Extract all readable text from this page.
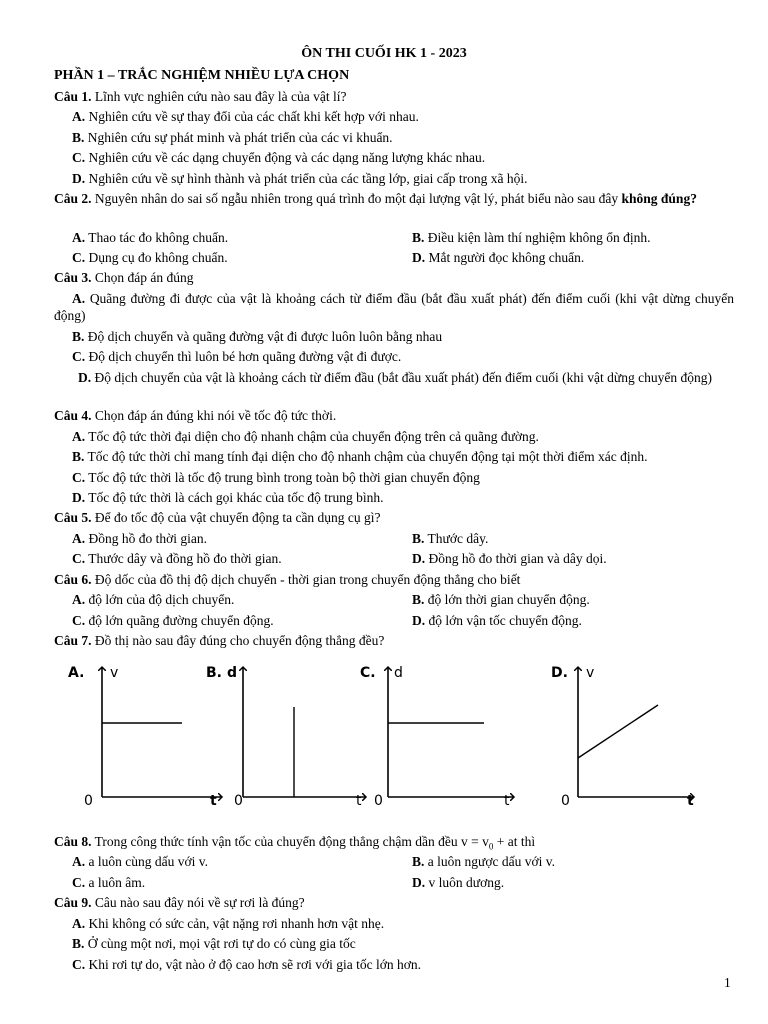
ÔN THI CUỐI HK 1 - 2023
PHẦN 1 – TRẮC NGHIỆM NHIỀU LỰA CHỌN
Câu 1. Lĩnh vực nghiên cứu nào sau đây là của vật lí?
A. Nghiên cứu về sự thay đổi của các chất khi kết hợp với nhau.
B. Nghiên cứu sự phát minh và phát triển của các vi khuẩn.
C. Nghiên cứu về các dạng chuyển động và các dạng năng lượng khác nhau.
D. Nghiên cứu về sự hình thành và phát triển của các tầng lớp, giai cấp trong xã hội.
Câu 2. Nguyên nhân do sai số ngẫu nhiên trong quá trình đo một đại lượng vật lý, phát biểu nào sau đây không đúng?
A. Thao tác đo không chuẩn.	B. Điều kiện làm thí nghiệm không ổn định.
C. Dụng cụ đo không chuẩn.	D. Mắt người đọc không chuẩn.
Câu 3. Chọn đáp án đúng
A. Quãng đường đi được của vật là khoảng cách từ điểm đầu (bắt đầu xuất phát) đến điểm cuối (khi vật dừng chuyển động)
B. Độ dịch chuyển và quãng đường vật đi được luôn luôn bằng nhau
C. Độ dịch chuyển thì luôn bé hơn quãng đường vật đi được.
D. Độ dịch chuyển của vật là khoảng cách từ điểm đầu (bắt đầu xuất phát) đến điểm cuối (khi vật dừng chuyển động)
Câu 4. Chọn đáp án đúng khi nói về tốc độ tức thời.
A. Tốc độ tức thời đại diện cho độ nhanh chậm của chuyển động trên cả quãng đường.
B. Tốc độ tức thời chỉ mang tính đại diện cho độ nhanh chậm của chuyển động tại một thời điểm xác định.
C. Tốc độ tức thời là tốc độ trung bình trong toàn bộ thời gian chuyển động
D. Tốc độ tức thời là cách gọi khác của tốc độ trung bình.
Câu 5. Để đo tốc độ của vật chuyển động ta cần dụng cụ gì?
A. Đồng hồ đo thời gian.	B. Thước dây.
C. Thước dây và đồng hồ đo thời gian.	D. Đồng hồ đo thời gian và dây dọi.
Câu 6. Độ dốc của đồ thị độ dịch chuyển - thời gian trong chuyển động thẳng cho biết
A. độ lớn của độ dịch chuyển.	B. độ lớn thời gian chuyển động.
C. độ lớn quãng đường chuyển động.	D. độ lớn vận tốc chuyển động.
Câu 7. Đồ thị nào sau đây đúng cho chuyển động thẳng đều?
A. v
0	t
B. d
0	t
C. d
0	t
D. v
0	t
Câu 8. Trong công thức tính vận tốc của chuyển động thẳng chậm dần đều $v = v_0$ + at thì
A. a luôn cùng dấu với v.	B. a luôn ngược dấu với v.
C. a luôn âm.	D. v luôn dương.
Câu 9. Câu nào sau đây nói về sự rơi là đúng?
A. Khi không có sức cản, vật nặng rơi nhanh hơn vật nhẹ.
B. Ở cùng một nơi, mọi vật rơi tự do có cùng gia tốc
C. Khi rơi tự do, vật nào ở độ cao hơn sẽ rơi với gia tốc lớn hơn.
1
